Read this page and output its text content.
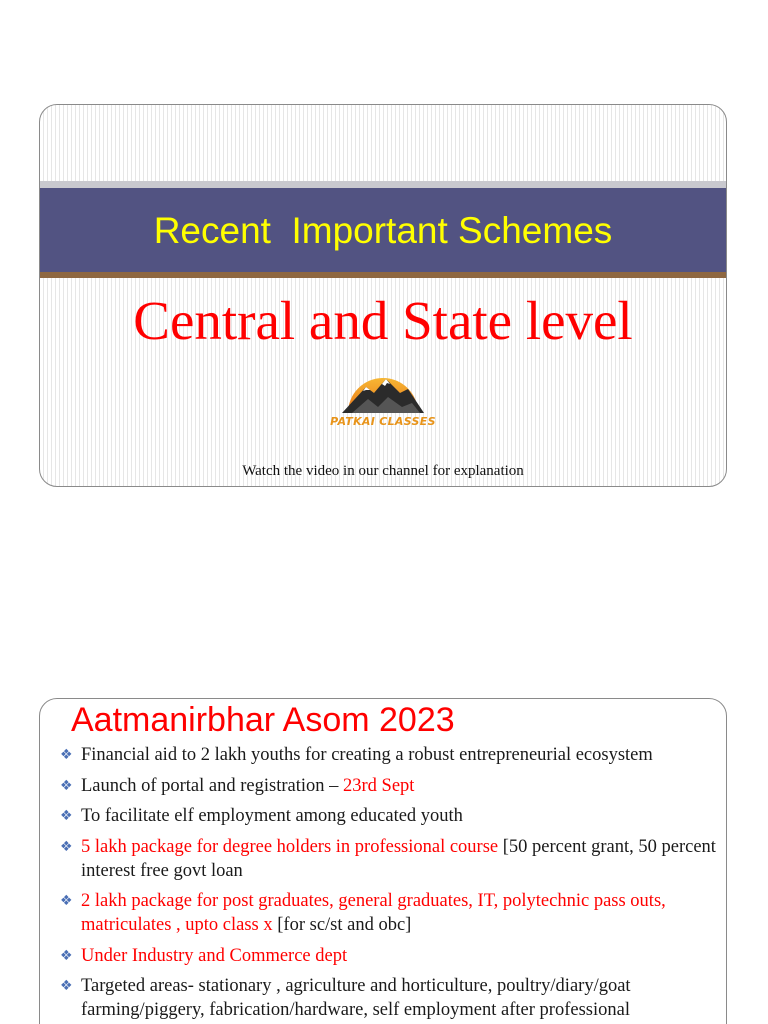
Recent  Important Schemes
Central and State level
PATKAI CLASSES
Watch the video in our channel for explanation
Aatmanirbhar Asom 2023
❖ Financial aid to 2 lakh youths for creating a robust entrepreneurial ecosystem
❖ Launch of portal and registration – 23rd Sept
❖ To facilitate elf employment among educated youth
❖ 5 lakh package for degree holders in professional course [50 percent grant, 50 percent interest free govt loan
❖ 2 lakh package for post graduates, general graduates, IT, polytechnic pass outs, matriculates , upto class x [for sc/st and obc]
❖ Under Industry and Commerce dept
❖ Targeted areas- stationary , agriculture and horticulture, poultry/diary/goat farming/piggery, fabrication/hardware, self employment after professional
